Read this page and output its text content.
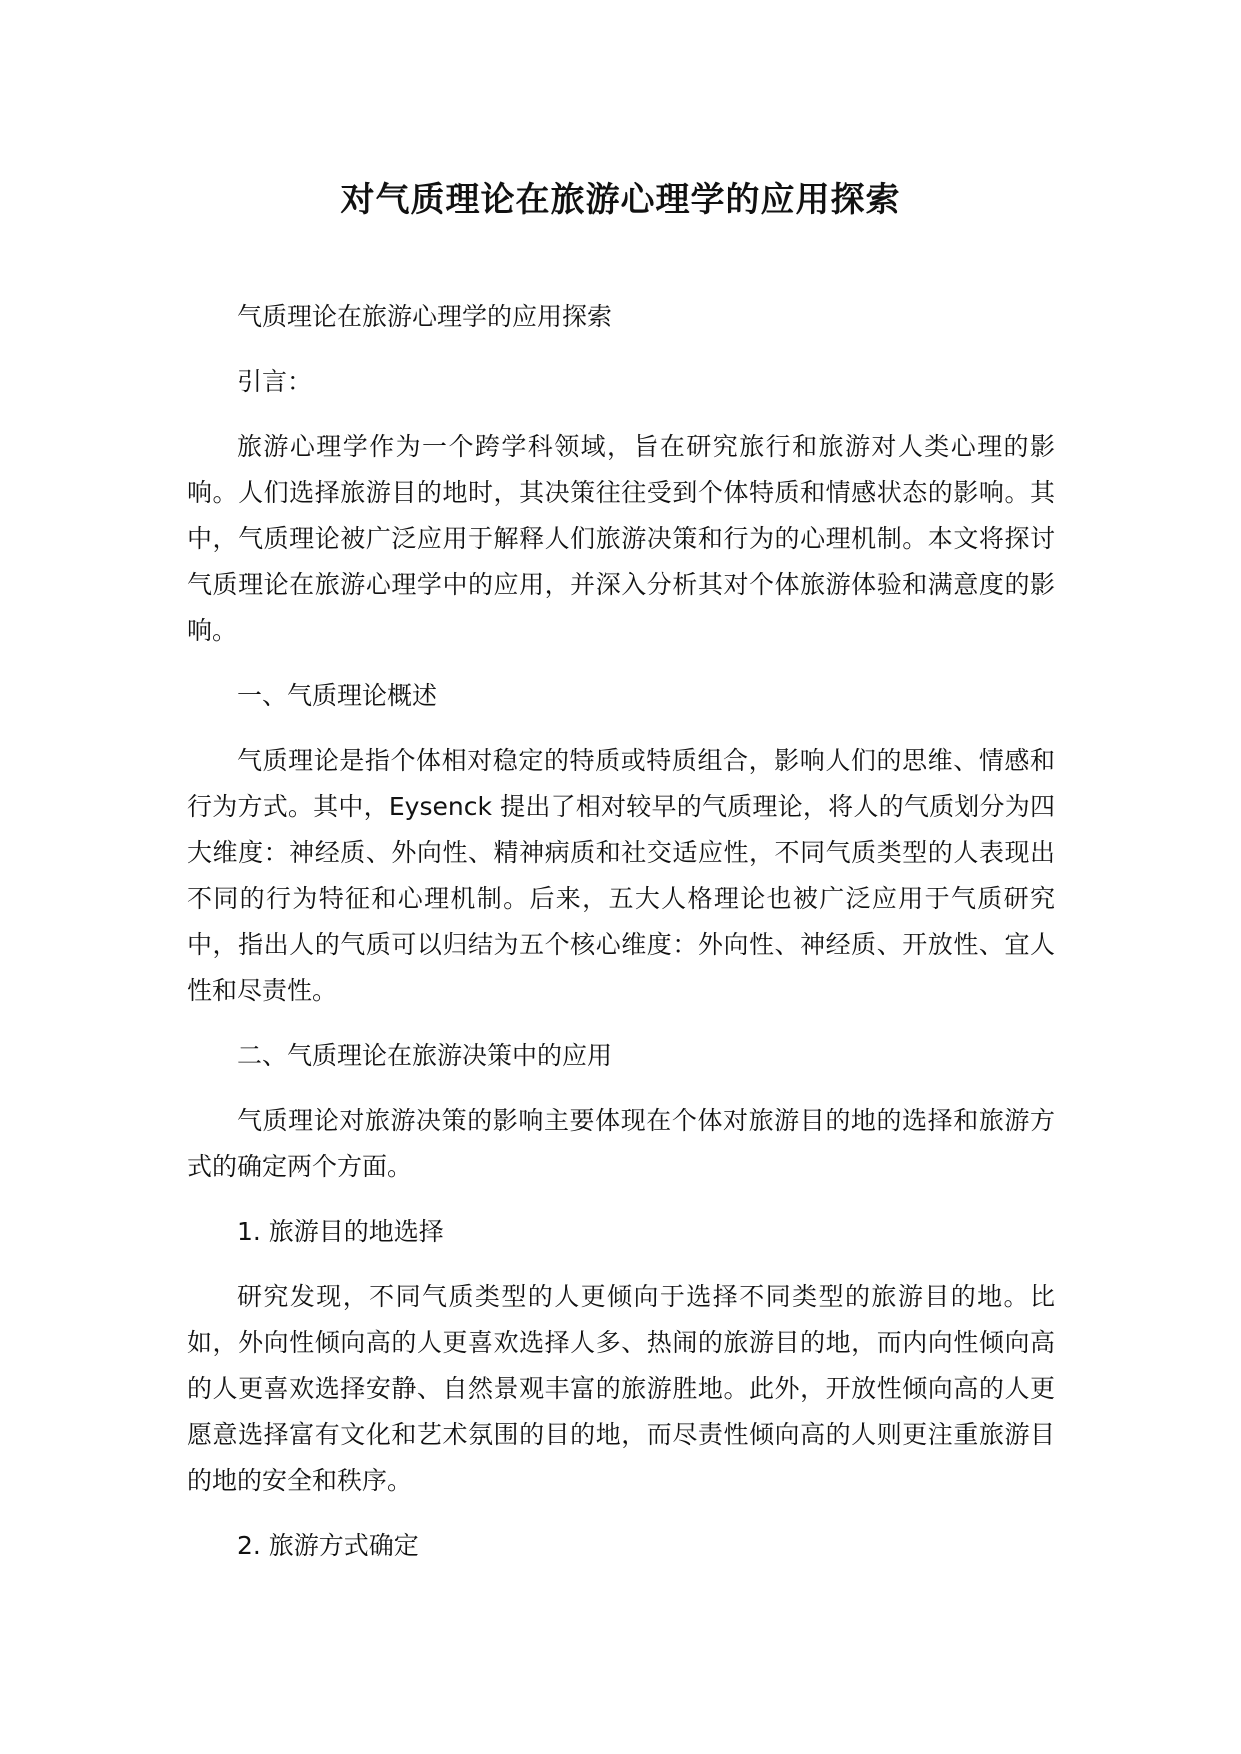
对气质理论在旅游心理学的应用探索

气质理论在旅游心理学的应用探索

引言：

旅游心理学作为一个跨学科领域，旨在研究旅行和旅游对人类心理的影响。人们选择旅游目的地时，其决策往往受到个体特质和情感状态的影响。其中，气质理论被广泛应用于解释人们旅游决策和行为的心理机制。本文将探讨气质理论在旅游心理学中的应用，并深入分析其对个体旅游体验和满意度的影响。

一、气质理论概述

气质理论是指个体相对稳定的特质或特质组合，影响人们的思维、情感和行为方式。其中，Eysenck 提出了相对较早的气质理论，将人的气质划分为四大维度：神经质、外向性、精神病质和社交适应性，不同气质类型的人表现出不同的行为特征和心理机制。后来，五大人格理论也被广泛应用于气质研究中，指出人的气质可以归结为五个核心维度：外向性、神经质、开放性、宜人性和尽责性。

二、气质理论在旅游决策中的应用

气质理论对旅游决策的影响主要体现在个体对旅游目的地的选择和旅游方式的确定两个方面。

1. 旅游目的地选择

研究发现，不同气质类型的人更倾向于选择不同类型的旅游目的地。比如，外向性倾向高的人更喜欢选择人多、热闹的旅游目的地，而内向性倾向高的人更喜欢选择安静、自然景观丰富的旅游胜地。此外，开放性倾向高的人更愿意选择富有文化和艺术氛围的目的地，而尽责性倾向高的人则更注重旅游目的地的安全和秩序。

2. 旅游方式确定
